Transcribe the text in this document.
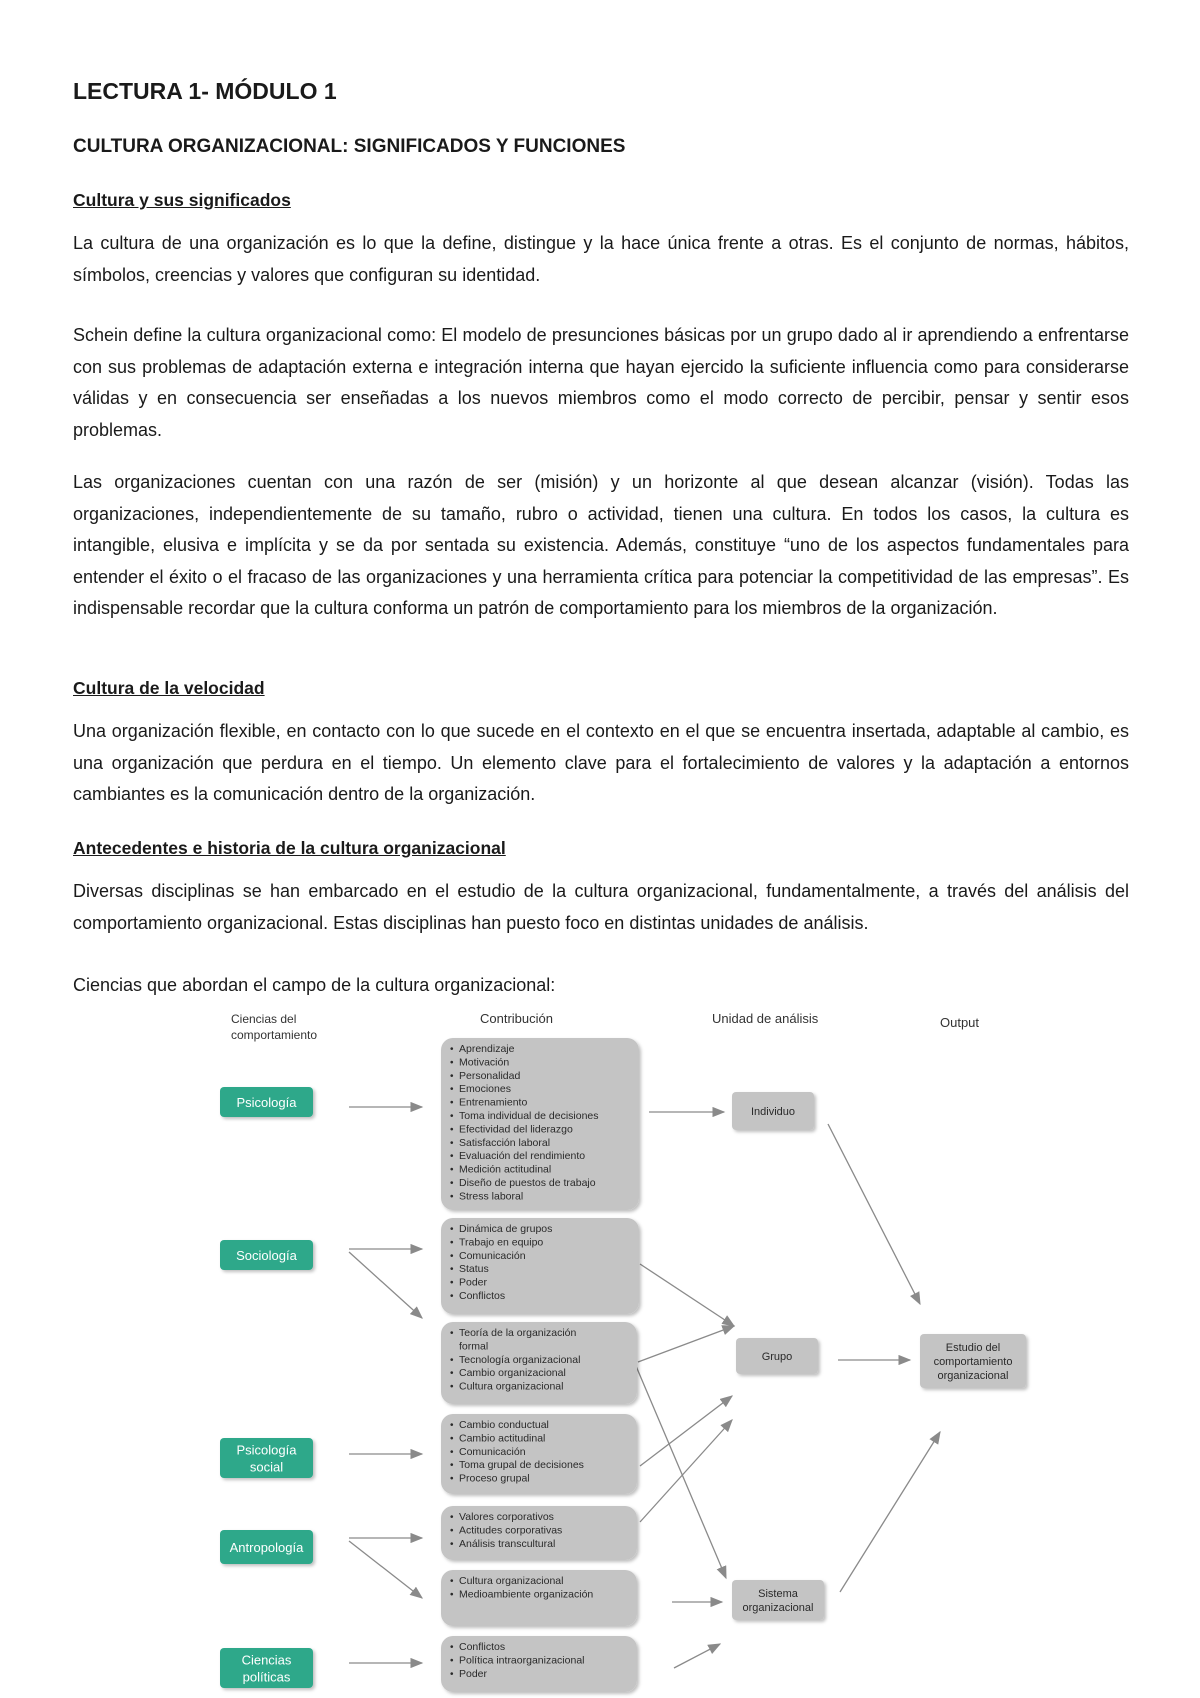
LECTURA 1- MÓDULO 1
CULTURA ORGANIZACIONAL: SIGNIFICADOS Y FUNCIONES
Cultura y sus significados

La cultura de una organización es lo que la define, distingue y la hace única frente a otras. Es el conjunto de normas, hábitos, símbolos, creencias y valores que configuran su identidad.

Schein define la cultura organizacional como: El modelo de presunciones básicas por un grupo dado al ir aprendiendo a enfrentarse con sus problemas de adaptación externa e integración interna que hayan ejercido la suficiente influencia como para considerarse válidas y en consecuencia ser enseñadas a los nuevos miembros como el modo correcto de percibir, pensar y sentir esos problemas.

Las organizaciones cuentan con una razón de ser (misión) y un horizonte al que desean alcanzar (visión). Todas las organizaciones, independientemente de su tamaño, rubro o actividad, tienen una cultura. En todos los casos, la cultura es intangible, elusiva e implícita y se da por sentada su existencia. Además, constituye “uno de los aspectos fundamentales para entender el éxito o el fracaso de las organizaciones y una herramienta crítica para potenciar la competitividad de las empresas”. Es indispensable recordar que la cultura conforma un patrón de comportamiento para los miembros de la organización.

Cultura de la velocidad

Una organización flexible, en contacto con lo que sucede en el contexto en el que se encuentra insertada, adaptable al cambio, es una organización que perdura en el tiempo. Un elemento clave para el fortalecimiento de valores y la adaptación a entornos cambiantes es la comunicación dentro de la organización.

Antecedentes e historia de la cultura organizacional

Diversas disciplinas se han embarcado en el estudio de la cultura organizacional, fundamentalmente, a través del análisis del comportamiento organizacional. Estas disciplinas han puesto foco en distintas unidades de análisis.

Ciencias que abordan el campo de la cultura organizacional:

Ciencias del
comportamiento
Contribución	Unidad de análisis	Output
Psicología
Sociología
Psicología
social
Antropología
Ciencias
políticas
• Aprendizaje
• Motivación
• Personalidad
• Emociones
• Entrenamiento
• Toma individual de decisiones
• Efectividad del liderazgo
• Satisfacción laboral
• Evaluación del rendimiento
• Medición actitudinal
• Diseño de puestos de trabajo
• Stress laboral
• Dinámica de grupos
• Trabajo en equipo
• Comunicación
• Status
• Poder
• Conflictos
• Teoría de la organización
formal
• Tecnología organizacional
• Cambio organizacional
• Cultura organizacional
• Cambio conductual
• Cambio actitudinal
• Comunicación
• Toma grupal de decisiones
• Proceso grupal
• Valores corporativos
• Actitudes corporativas
• Análisis transcultural
• Cultura organizacional
• Medioambiente organización
• Conflictos
• Política intraorganizacional
• Poder
Individuo
Grupo
Sistema
organizacional
Estudio del
comportamiento
organizacional
